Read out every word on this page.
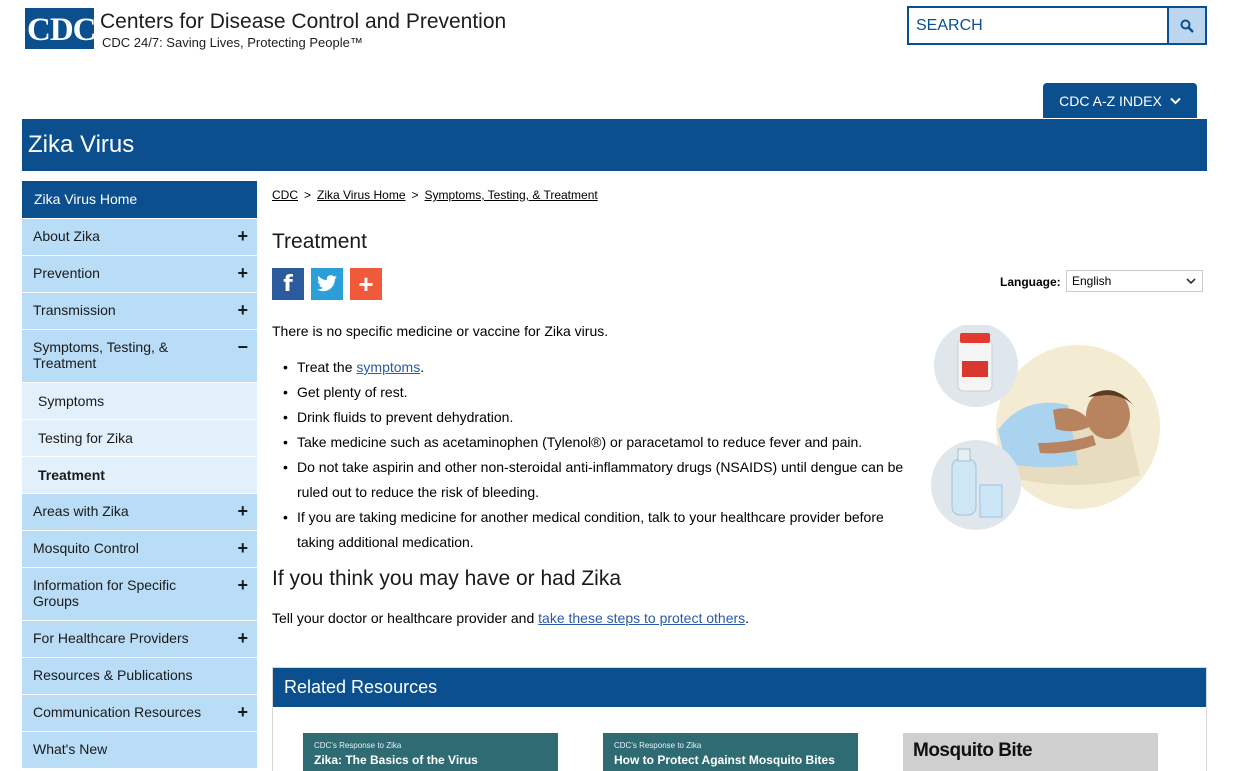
CDC Centers for Disease Control and Prevention
CDC 24/7: Saving Lives, Protecting People™
SEARCH
CDC A-Z INDEX
Zika Virus
Zika Virus Home
About Zika	+
Prevention	+
Transmission	+
Symptoms, Testing, & Treatment
−
Symptoms
Testing for Zika
Treatment
Areas with Zika	+
Mosquito Control	+
Information for Specific Groups
+
For Healthcare Providers	+
Resources & Publications
Communication Resources +
What's New
CDC > Zika Virus Home > Symptoms, Testing, & Treatment
Treatment
f	+	Language: English

There is no specific medicine or vaccine for Zika virus.

• Treat the symptoms.
• Get plenty of rest.
• Drink fluids to prevent dehydration.
• Take medicine such as acetaminophen (Tylenol®) or paracetamol to reduce fever and pain.
• Do not take aspirin and other non-steroidal anti-inflammatory drugs (NSAIDS) until dengue can be ruled out to reduce the risk of bleeding.
• If you are taking medicine for another medical condition, talk to your healthcare provider before taking additional medication.
If you think you may have or had Zika

Tell your doctor or healthcare provider and take these steps to protect others.

Related Resources
CDC's Response to Zika
Zika: The Basics of the Virus
CDC's Response to Zika
How to Protect Against Mosquito Bites	Mosquito Bite
